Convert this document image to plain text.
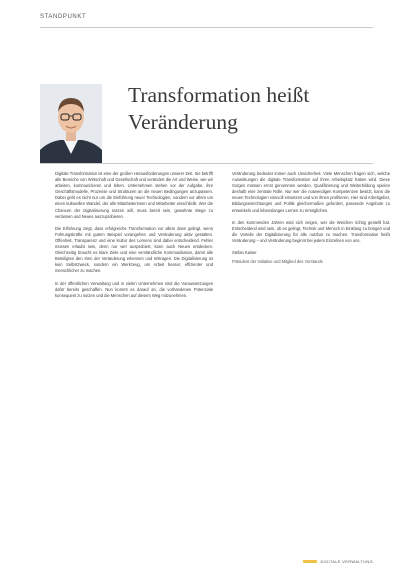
STANDPUNKT
Transformation heißt
Veränderung

Digitale Transformation ist eine der großen Herausforderungen unserer Zeit. Sie betrifft alle Bereiche von Wirtschaft und Gesellschaft und verändert die Art und Weise, wie wir arbeiten, kommunizieren und leben. Unternehmen stehen vor der Aufgabe, ihre Geschäftsmodelle, Prozesse und Strukturen an die neuen Bedingungen anzupassen. Dabei geht es nicht nur um die Einführung neuer Technologien, sondern vor allem um einen kulturellen Wandel, der alle Mitarbeiterinnen und Mitarbeiter einschließt. Wer die Chancen der Digitalisierung nutzen will, muss bereit sein, gewohnte Wege zu verlassen und Neues auszuprobieren.

Die Erfahrung zeigt, dass erfolgreiche Transformation vor allem dann gelingt, wenn Führungskräfte mit gutem Beispiel vorangehen und Veränderung aktiv gestalten. Offenheit, Transparenz und eine Kultur des Lernens sind dabei entscheidend. Fehler müssen erlaubt sein, denn nur wer ausprobiert, kann auch Neues entdecken. Gleichzeitig braucht es klare Ziele und eine verständliche Kommunikation, damit alle Beteiligten den Sinn der Veränderung erkennen und mittragen. Die Digitalisierung ist kein Selbstzweck, sondern ein Werkzeug, um Arbeit besser, effizienter und menschlicher zu machen.

In der öffentlichen Verwaltung und in vielen Unternehmen sind die Voraussetzungen dafür bereits geschaffen. Nun kommt es darauf an, die vorhandenen Potenziale konsequent zu nutzen und die Menschen auf diesem Weg mitzunehmen.

Veränderung bedeutet immer auch Unsicherheit. Viele Menschen fragen sich, welche Auswirkungen die digitale Transformation auf ihren Arbeitsplatz haben wird. Diese Sorgen müssen ernst genommen werden. Qualifizierung und Weiterbildung spielen deshalb eine zentrale Rolle. Nur wer die notwendigen Kompetenzen besitzt, kann die neuen Technologien sinnvoll einsetzen und von ihnen profitieren. Hier sind Arbeitgeber, Bildungseinrichtungen und Politik gleichermaßen gefordert, passende Angebote zu entwickeln und lebenslanges Lernen zu ermöglichen.

In den kommenden Jahren wird sich zeigen, wer die Weichen richtig gestellt hat. Entscheidend wird sein, ob es gelingt, Technik und Mensch in Einklang zu bringen und die Vorteile der Digitalisierung für alle nutzbar zu machen. Transformation heißt Veränderung – und Veränderung beginnt bei jedem Einzelnen von uns.

Stefan Kaiser

Präsident der Initiative und Mitglied des Vorstands

DIGITALE VERWALTUNG
